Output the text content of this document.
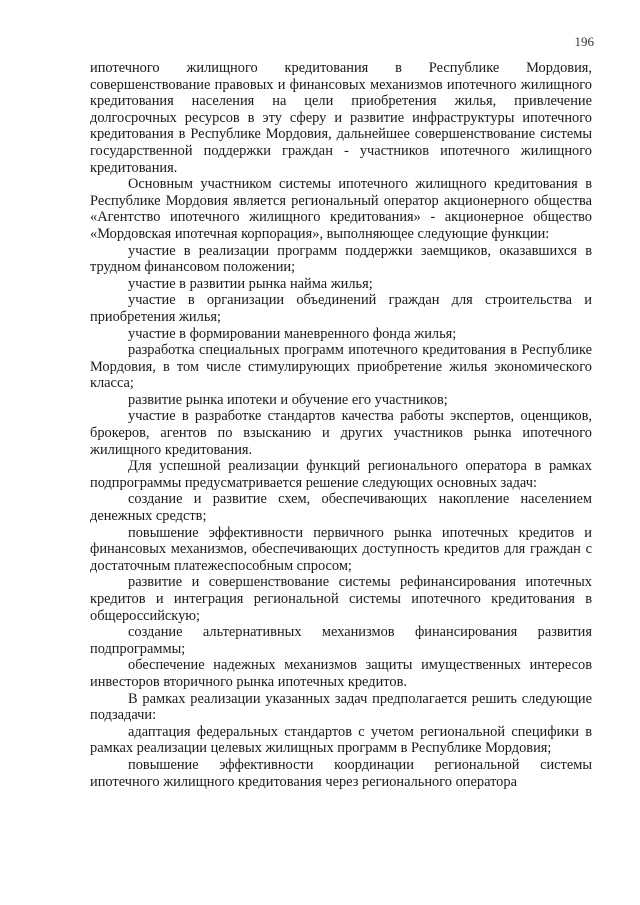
196

ипотечного жилищного кредитования в Республике Мордовия, совершенствование правовых и финансовых механизмов ипотечного жилищного кредитования населения на цели приобретения жилья, привлечение долгосрочных ресурсов в эту сферу и развитие инфраструктуры ипотечного кредитования в Республике Мордовия, дальнейшее совершенствование системы государственной поддержки граждан - участников ипотечного жилищного кредитования.

Основным участником системы ипотечного жилищного кредитования в Республике Мордовия является региональный оператор акционерного общества «Агентство ипотечного жилищного кредитования» - акционерное общество «Мордовская ипотечная корпорация», выполняющее следующие функции:

участие в реализации программ поддержки заемщиков, оказавшихся в трудном финансовом положении;

участие в развитии рынка найма жилья;

участие в организации объединений граждан для строительства и приобретения жилья;

участие в формировании маневренного фонда жилья;

разработка специальных программ ипотечного кредитования в Республике Мордовия, в том числе стимулирующих приобретение жилья экономического класса;

развитие рынка ипотеки и обучение его участников;

участие в разработке стандартов качества работы экспертов, оценщиков, брокеров, агентов по взысканию и других участников рынка ипотечного жилищного кредитования.

Для успешной реализации функций регионального оператора в рамках подпрограммы предусматривается решение следующих основных задач:

создание и развитие схем, обеспечивающих накопление населением денежных средств;

повышение эффективности первичного рынка ипотечных кредитов и финансовых механизмов, обеспечивающих доступность кредитов для граждан с достаточным платежеспособным спросом;

развитие и совершенствование системы рефинансирования ипотечных кредитов и интеграция региональной системы ипотечного кредитования в общероссийскую;

создание альтернативных механизмов финансирования развития подпрограммы;

обеспечение надежных механизмов защиты имущественных интересов инвесторов вторичного рынка ипотечных кредитов.

В рамках реализации указанных задач предполагается решить следующие подзадачи:

адаптация федеральных стандартов с учетом региональной специфики в рамках реализации целевых жилищных программ в Республике Мордовия;

повышение эффективности координации региональной системы ипотечного жилищного кредитования через регионального оператора
